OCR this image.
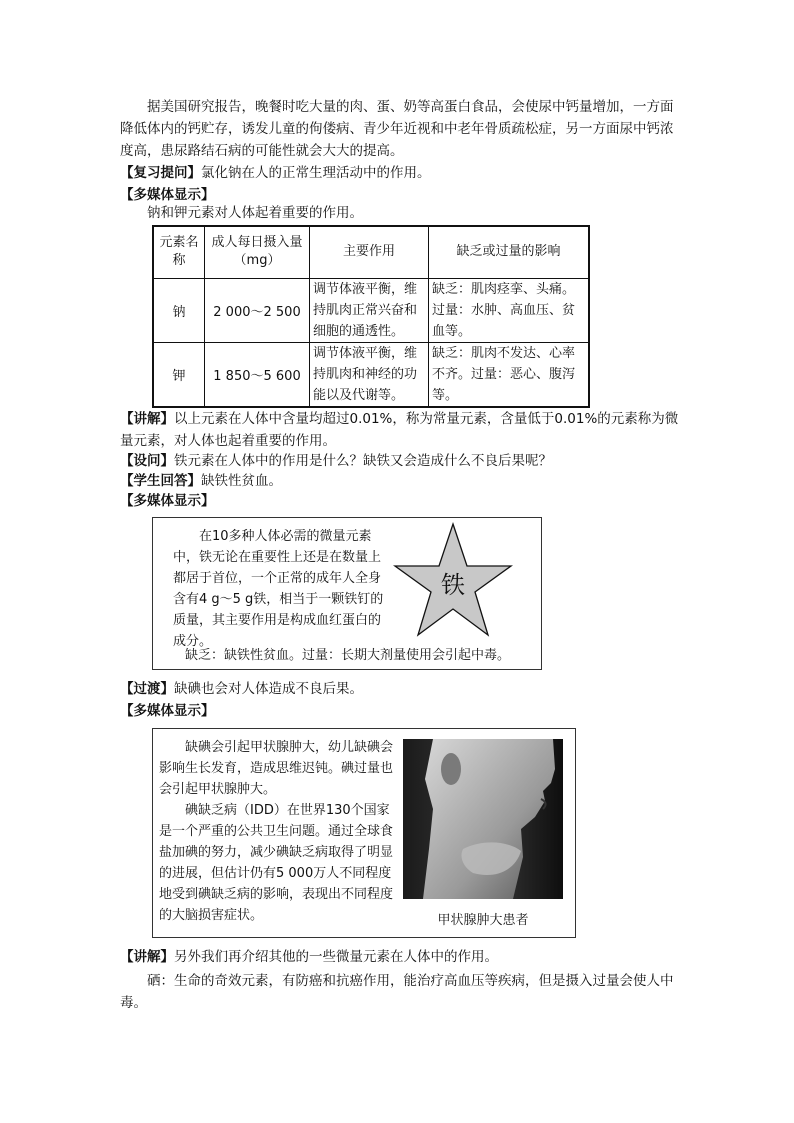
据美国研究报告，晚餐时吃大量的肉、蛋、奶等高蛋白食品，会使尿中钙量增加，一方面降低体内的钙贮存，诱发儿童的佝偻病、青少年近视和中老年骨质疏松症，另一方面尿中钙浓度高，患尿路结石病的可能性就会大大的提高。

【复习提问】氯化钠在人的正常生理活动中的作用。

【多媒体显示】

钠和钾元素对人体起着重要的作用。

元素名称	成人每日摄入量（mg）	主要作用	缺乏或过量的影响
钠	2 000～2 500	调节体液平衡，维持肌肉正常兴奋和细胞的通透性。	缺乏：肌肉痉挛、头痛。过量：水肿、高血压、贫血等。
钾	1 850～5 600	调节体液平衡，维持肌肉和神经的功能以及代谢等。	缺乏：肌肉不发达、心率不齐。过量：恶心、腹泻等。

【讲解】以上元素在人体中含量均超过0.01%，称为常量元素，含量低于0.01%的元素称为微量元素，对人体也起着重要的作用。

【设问】铁元素在人体中的作用是什么？缺铁又会造成什么不良后果呢？

【学生回答】缺铁性贫血。

【多媒体显示】

在10多种人体必需的微量元素中，铁无论在重要性上还是在数量上都居于首位，一个正常的成年人全身含有4 g～5 g铁，相当于一颗铁钉的质量，其主要作用是构成血红蛋白的成分。
铁
缺乏：缺铁性贫血。过量：长期大剂量使用会引起中毒。

【过渡】缺碘也会对人体造成不良后果。

【多媒体显示】

缺碘会引起甲状腺肿大，幼儿缺碘会影响生长发育，造成思维迟钝。碘过量也会引起甲状腺肿大。
碘缺乏病（IDD）在世界130个国家是一个严重的公共卫生问题。通过全球食盐加碘的努力，减少碘缺乏病取得了明显的进展，但估计仍有5 000万人不同程度地受到碘缺乏病的影响，表现出不同程度的大脑损害症状。	甲状腺肿大患者

【讲解】另外我们再介绍其他的一些微量元素在人体中的作用。

硒：生命的奇效元素，有防癌和抗癌作用，能治疗高血压等疾病，但是摄入过量会使人中毒。
